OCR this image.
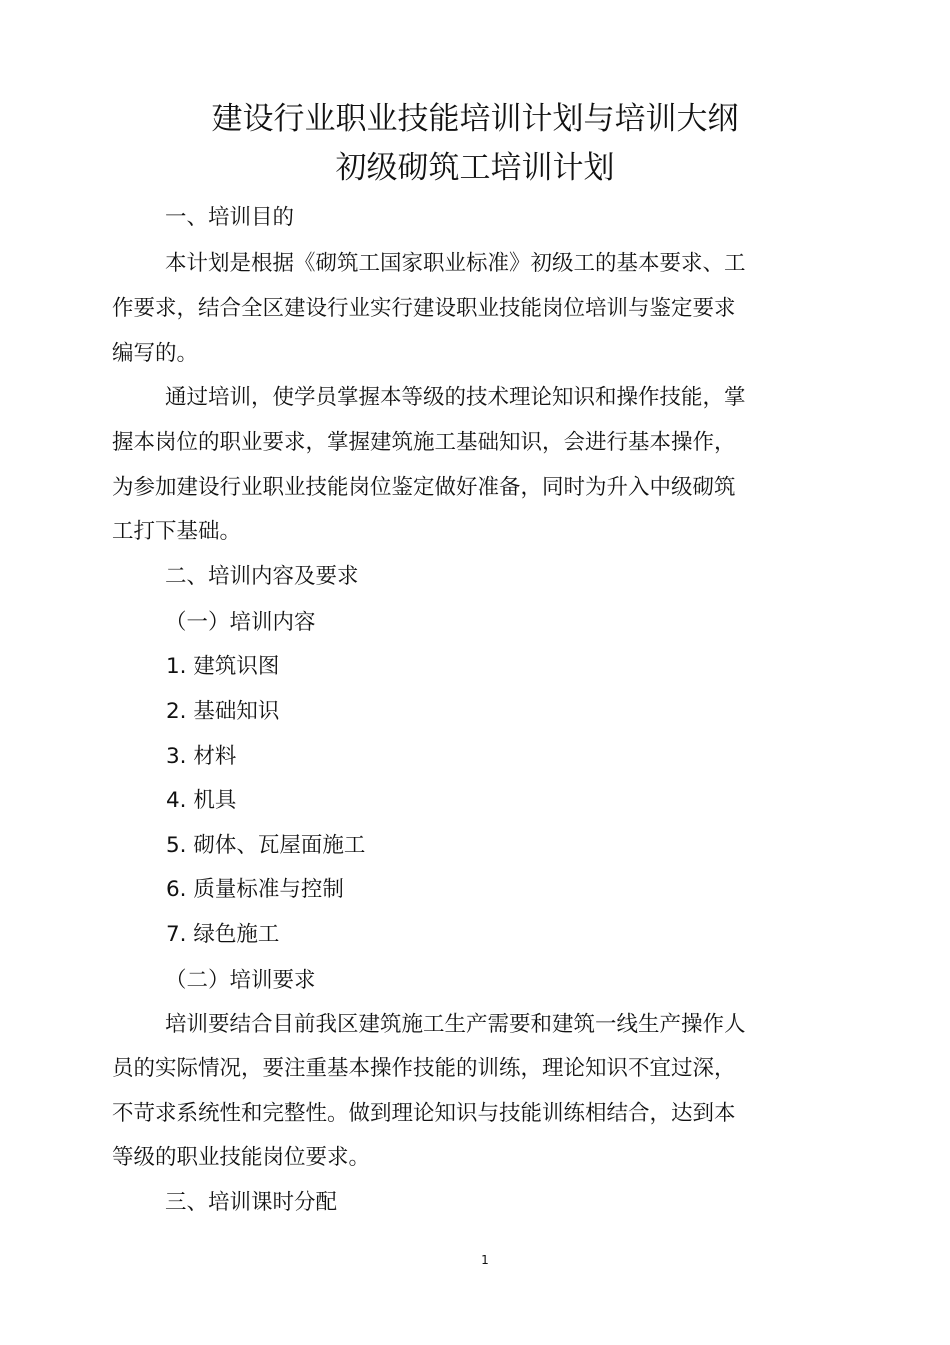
建设行业职业技能培训计划与培训大纲
初级砌筑工培训计划

一、培训目的

本计划是根据《砌筑工国家职业标准》初级工的基本要求、工

作要求，结合全区建设行业实行建设职业技能岗位培训与鉴定要求

编写的。

通过培训，使学员掌握本等级的技术理论知识和操作技能，掌

握本岗位的职业要求，掌握建筑施工基础知识，会进行基本操作，

为参加建设行业职业技能岗位鉴定做好准备，同时为升入中级砌筑

工打下基础。

二、培训内容及要求

（一）培训内容

1. 建筑识图

2. 基础知识

3. 材料

4. 机具

5. 砌体、瓦屋面施工

6. 质量标准与控制

7. 绿色施工

（二）培训要求

培训要结合目前我区建筑施工生产需要和建筑一线生产操作人

员的实际情况，要注重基本操作技能的训练，理论知识不宜过深，

不苛求系统性和完整性。做到理论知识与技能训练相结合，达到本

等级的职业技能岗位要求。

三、培训课时分配

1
